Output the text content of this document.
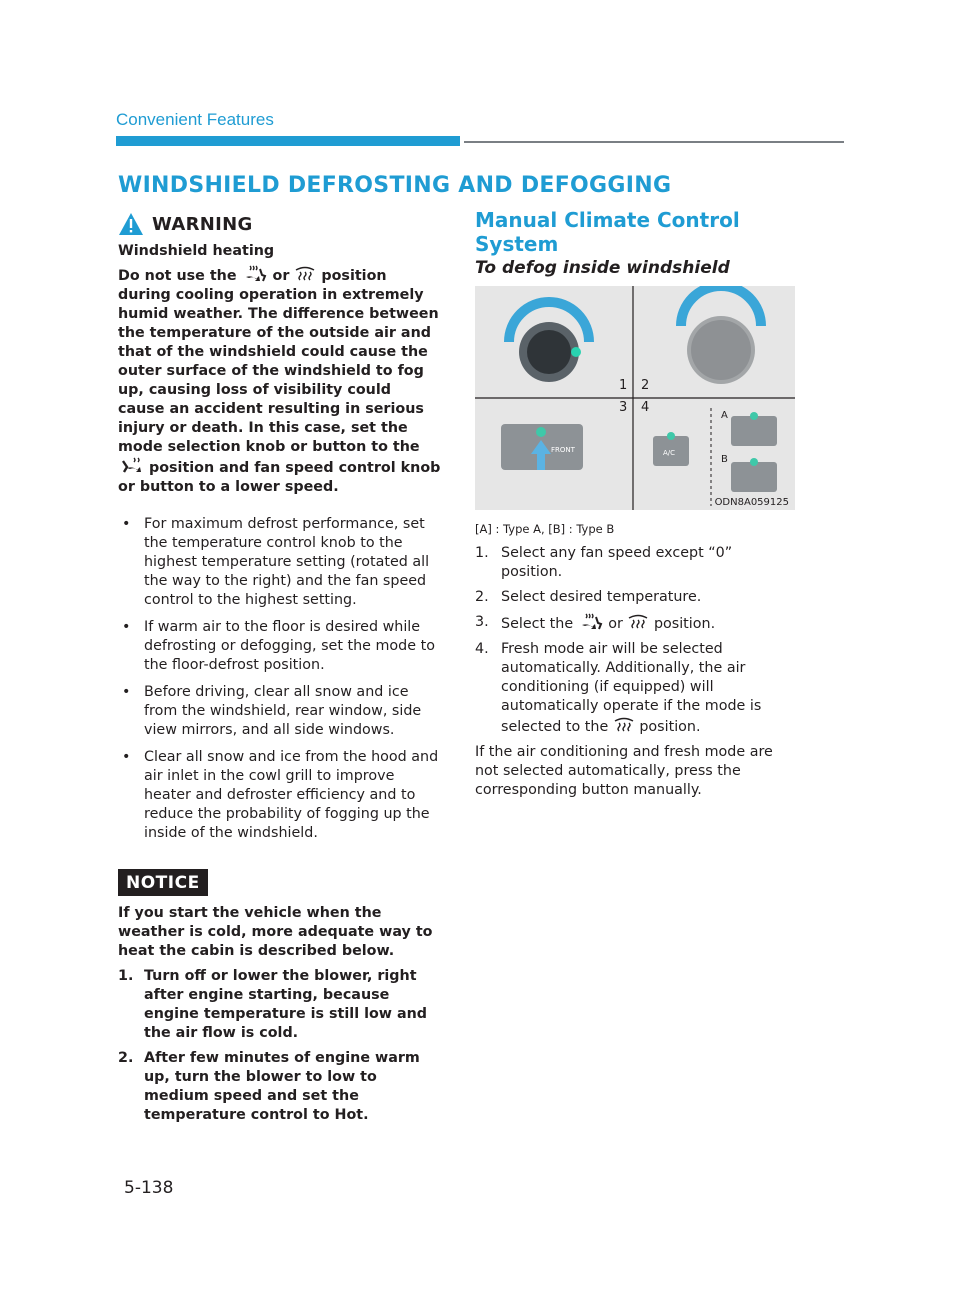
Convenient Features
WINDSHIELD DEFROSTING AND DEFOGGING
WARNING

Windshield heating

Do not use the	or position during cooling operation in extremely humid weather. The difference between the temperature of the outside air and that of the windshield could cause the outer surface of the windshield to fog up, causing loss of visibility could cause an accident resulting in serious injury or death. In this case, set the mode selection knob or button to the  position and fan speed control knob or button to a lower speed.

• For maximum defrost performance, set the temperature control knob to the highest temperature setting (rotated all the way to the right) and the fan speed control to the highest setting.
• If warm air to the floor is desired while defrosting or defogging, set the mode to the floor-defrost position.
• Before driving, clear all snow and ice from the windshield, rear window, side view mirrors, and all side windows.
• Clear all snow and ice from the hood and air inlet in the cowl grill to improve heater and defroster efficiency and to reduce the probability of fogging up the inside of the windshield.
NOTICE

If you start the vehicle when the weather is cold, more adequate way to heat the cabin is described below.

1. Turn off or lower the blower, right after engine starting, because engine temperature is still low and the air flow is cold.
2. After few minutes of engine warm up, turn the blower to low to medium speed and set the temperature control to Hot.

Manual Climate Control System

To defog inside windshield

1 2
3 4
A
B
FRONT	A/C
ODN8A059125

[A] : Type A, [B] : Type B

1. Select any fan speed except “0” position.
2. Select desired temperature.
3. Select the or position.
4. Fresh mode air will be selected automatically. Additionally, the air conditioning (if equipped) will automatically operate if the mode is selected to the position.

If the air conditioning and fresh mode are not selected automatically, press the corresponding button manually.

5-138
